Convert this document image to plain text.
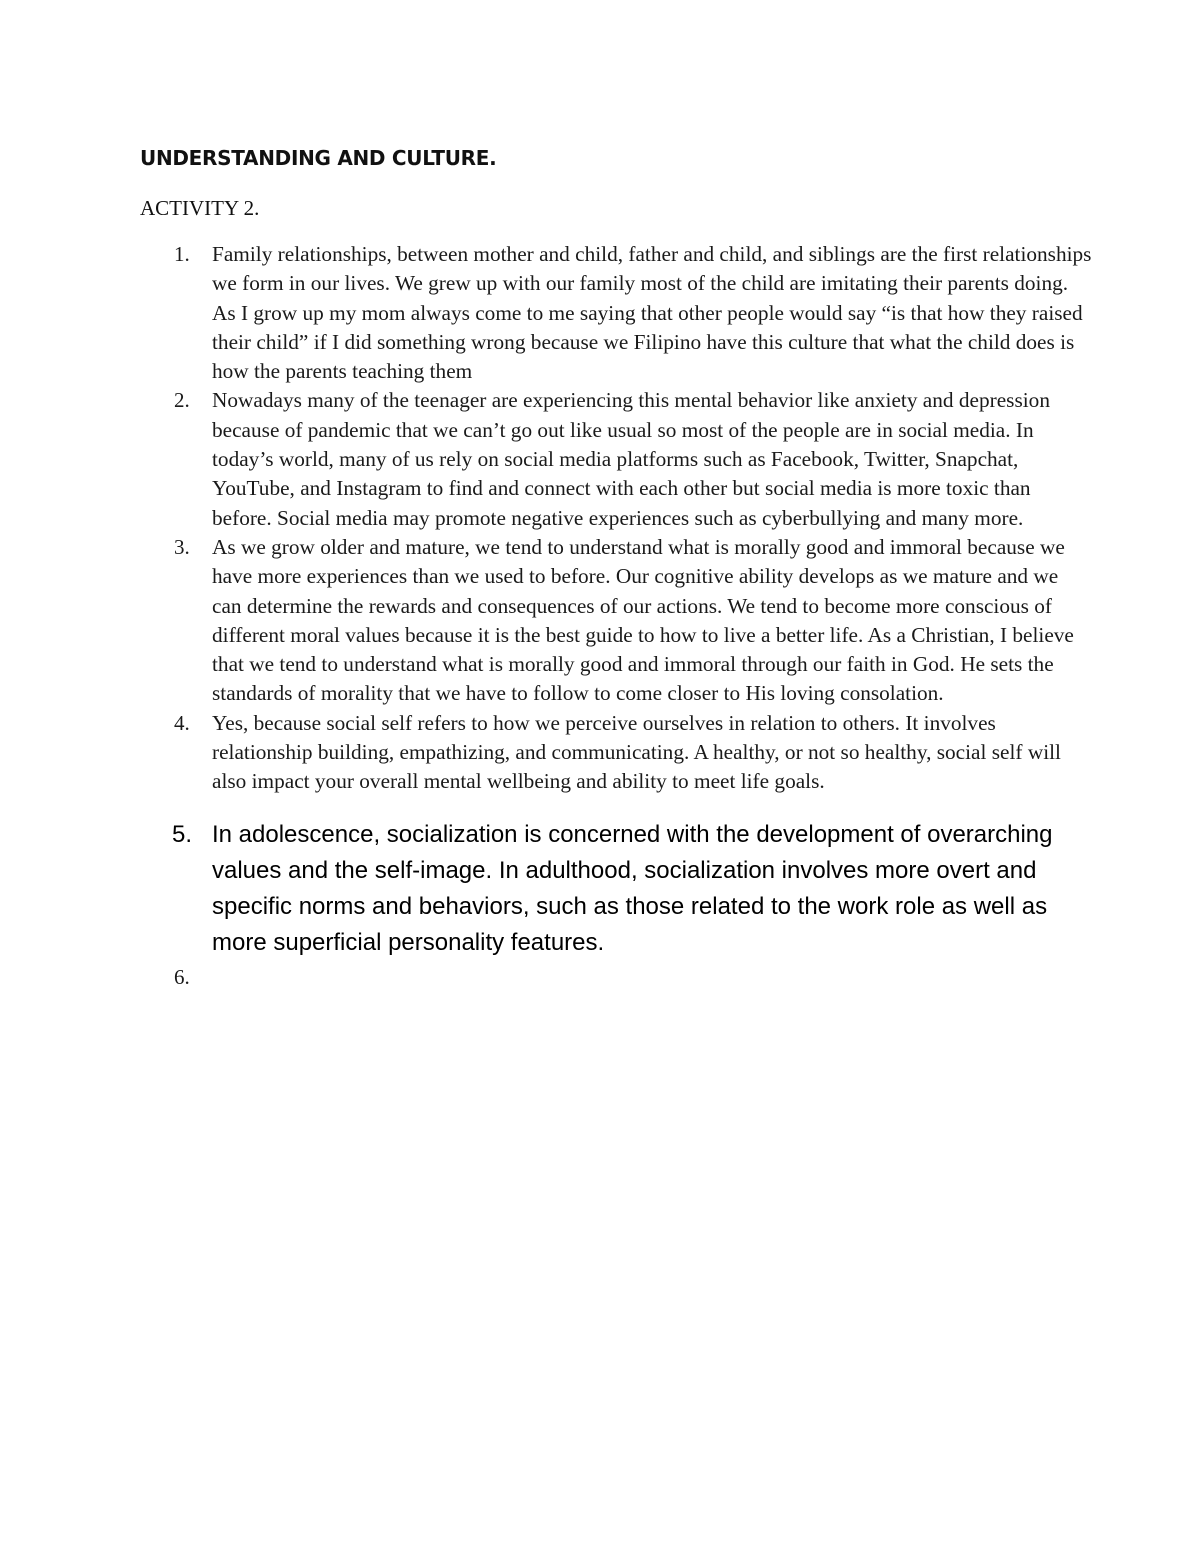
UNDERSTANDING AND CULTURE.
ACTIVITY 2.
1. Family relationships, between mother and child, father and child, and siblings are the first relationships we form in our lives. We grew up with our family most of the child are imitating their parents doing. As I grow up my mom always come to me saying that other people would say “is that how they raised their child” if I did something wrong because we Filipino have this culture that what the child does is how the parents teaching them
2. Nowadays many of the teenager are experiencing this mental behavior like anxiety and depression because of pandemic that we can’t go out like usual so most of the people are in social media. In today’s world, many of us rely on social media platforms such as Facebook, Twitter, Snapchat, YouTube, and Instagram to find and connect with each other but social media is more toxic than before. Social media may promote negative experiences such as cyberbullying and many more.
3. As we grow older and mature, we tend to understand what is morally good and immoral because we have more experiences than we used to before. Our cognitive ability develops as we mature and we can determine the rewards and consequences of our actions. We tend to become more conscious of different moral values because it is the best guide to how to live a better life. As a Christian, I believe that we tend to understand what is morally good and immoral through our faith in God. He sets the standards of morality that we have to follow to come closer to His loving consolation.
4. Yes, because social self refers to how we perceive ourselves in relation to others. It involves relationship building, empathizing, and communicating. A healthy, or not so healthy, social self will also impact your overall mental wellbeing and ability to meet life goals.
5. In adolescence, socialization is concerned with the development of overarching values and the self-image. In adulthood, socialization involves more overt and specific norms and behaviors, such as those related to the work role as well as more superficial personality features.
6.
